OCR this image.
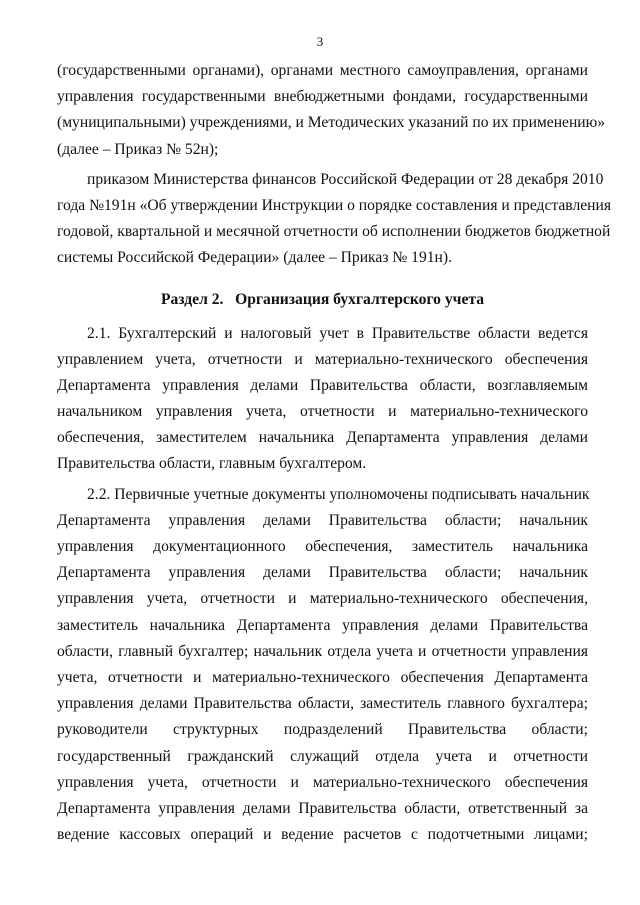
3
(государственными органами), органами местного самоуправления, органами
управления государственными внебюджетными фондами, государственными
(муниципальными) учреждениями, и Методических указаний по их применению»
(далее – Приказ № 52н);
приказом Министерства финансов Российской Федерации от 28 декабря 2010
года №191н «Об утверждении Инструкции о порядке составления и представления
годовой, квартальной и месячной отчетности об исполнении бюджетов бюджетной
системы Российской Федерации» (далее – Приказ № 191н).
Раздел 2.   Организация бухгалтерского учета
2.1. Бухгалтерский и налоговый учет в Правительстве области ведется
управлением учета, отчетности и материально-технического обеспечения
Департамента управления делами Правительства области, возглавляемым
начальником управления учета, отчетности и материально-технического
обеспечения, заместителем начальника Департамента управления делами
Правительства области, главным бухгалтером.
2.2. Первичные учетные документы уполномочены подписывать начальник
Департамента управления делами Правительства области; начальник
управления документационного обеспечения, заместитель начальника
Департамента управления делами Правительства области; начальник
управления учета, отчетности и материально-технического обеспечения,
заместитель начальника Департамента управления делами Правительства
области, главный бухгалтер; начальник отдела учета и отчетности управления
учета, отчетности и материально-технического обеспечения Департамента
управления делами Правительства области, заместитель главного бухгалтера;
руководители структурных подразделений Правительства области;
государственный гражданский служащий отдела учета и отчетности
управления учета, отчетности и материально-технического обеспечения
Департамента управления делами Правительства области, ответственный за
ведение кассовых операций и ведение расчетов с подотчетными лицами;
